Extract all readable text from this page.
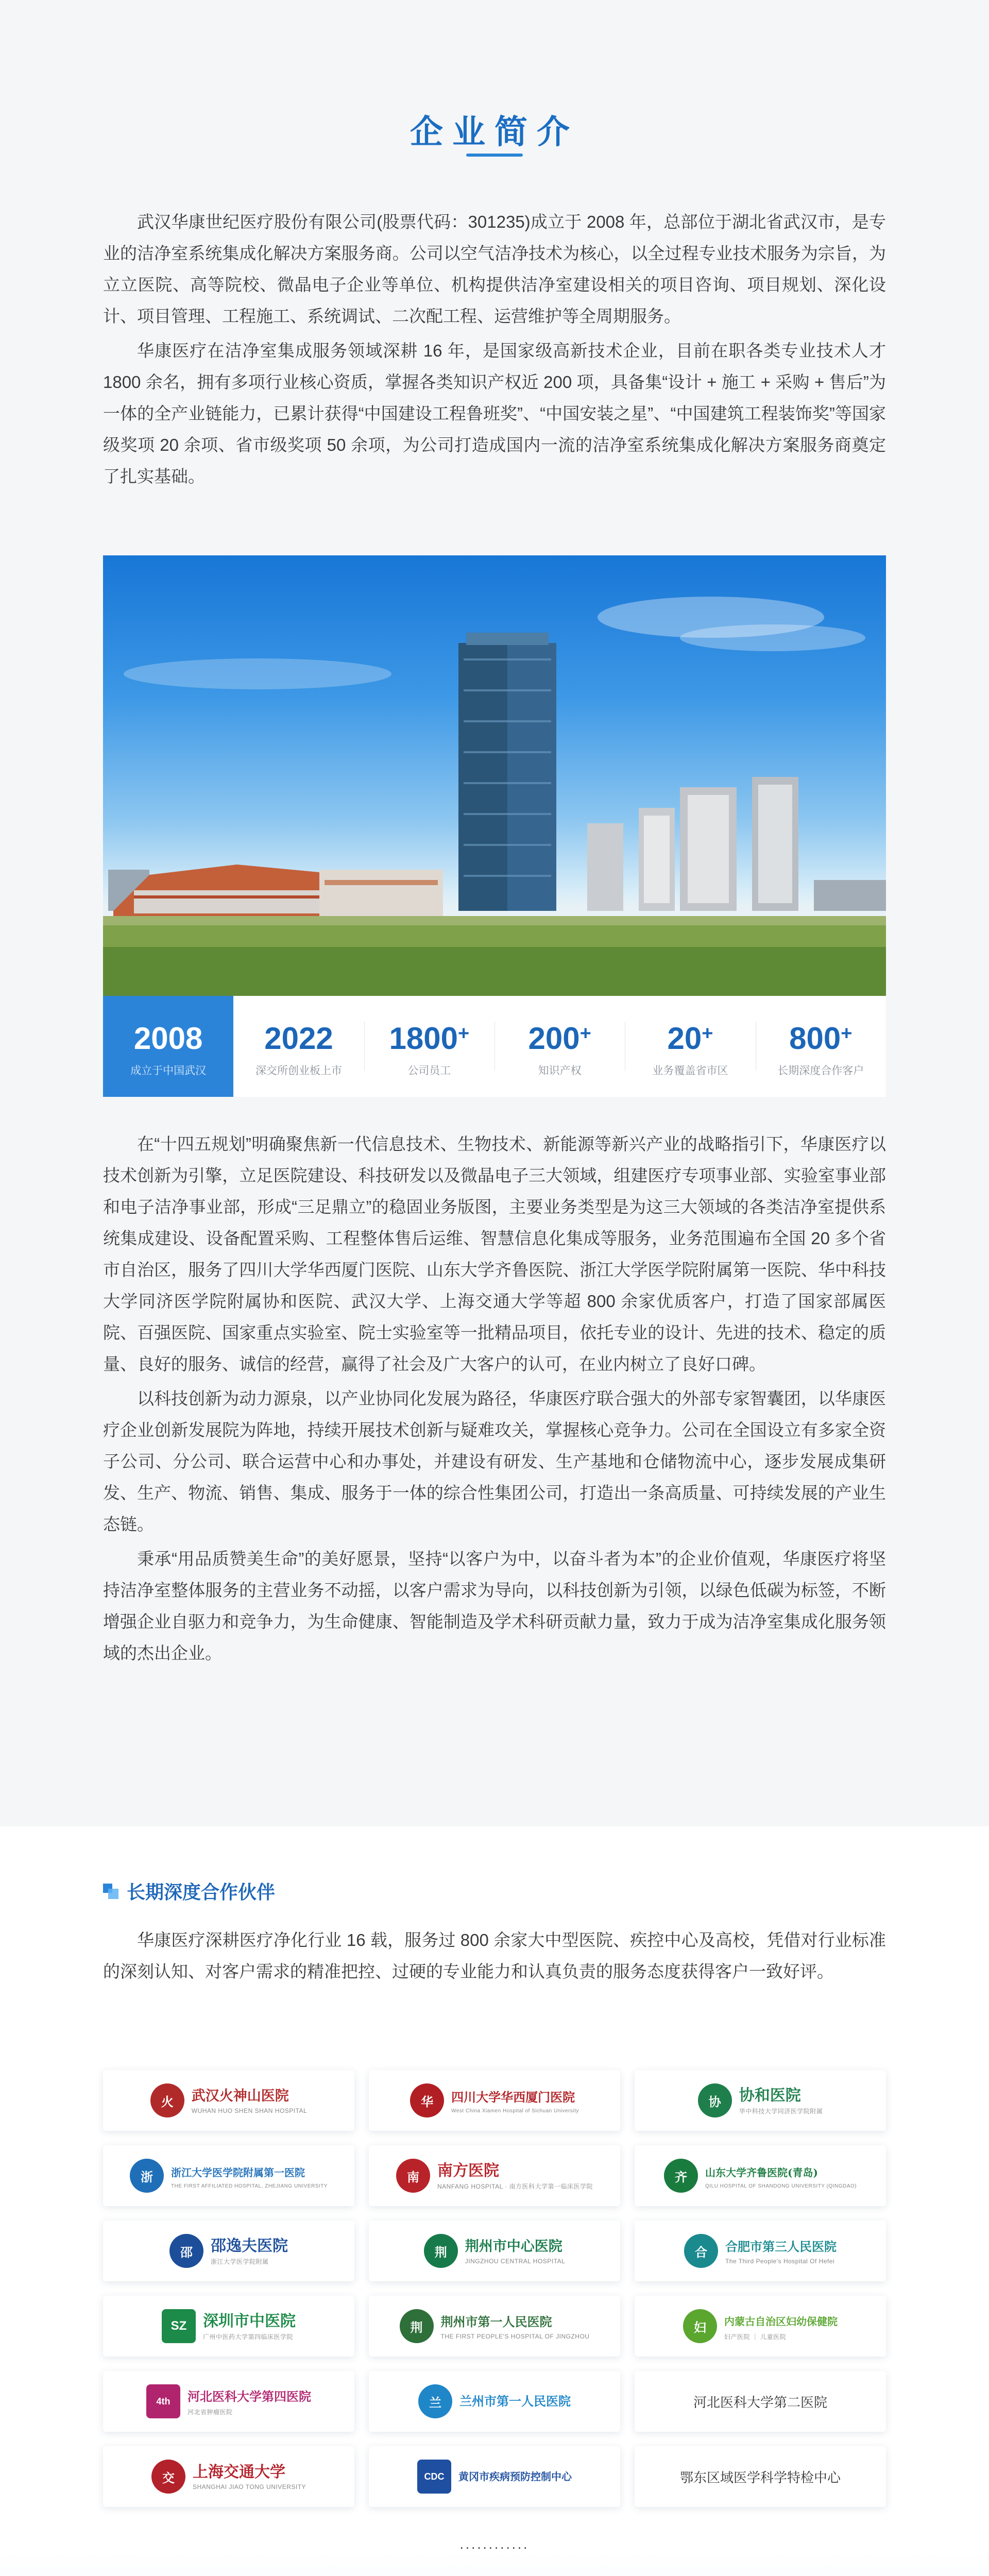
企业简介

武汉华康世纪医疗股份有限公司(股票代码：301235)成立于 2008 年，总部位于湖北省武汉市，是专业的洁净室系统集成化解决方案服务商。公司以空气洁净技术为核心，以全过程专业技术服务为宗旨，为立立医院、高等院校、微晶电子企业等单位、机构提供洁净室建设相关的项目咨询、项目规划、深化设计、项目管理、工程施工、系统调试、二次配工程、运营维护等全周期服务。

华康医疗在洁净室集成服务领域深耕 16 年，是国家级高新技术企业，目前在职各类专业技术人才 1800 余名，拥有多项行业核心资质，掌握各类知识产权近 200 项，具备集“设计 + 施工 + 采购 + 售后”为一体的全产业链能力，已累计获得“中国建设工程鲁班奖”、“中国安装之星”、“中国建筑工程装饰奖”等国家级奖项 20 余项、省市级奖项 50 余项，为公司打造成国内一流的洁净室系统集成化解决方案服务商奠定了扎实基础。

2008
成立于中国武汉
2022
深交所创业板上市
1800+
公司员工
200+
知识产权
20+
业务覆盖省市区
800+
长期深度合作客户

在“十四五规划”明确聚焦新一代信息技术、生物技术、新能源等新兴产业的战略指引下，华康医疗以技术创新为引擎，立足医院建设、科技研发以及微晶电子三大领域，组建医疗专项事业部、实验室事业部和电子洁净事业部，形成“三足鼎立”的稳固业务版图，主要业务类型是为这三大领域的各类洁净室提供系统集成建设、设备配置采购、工程整体售后运维、智慧信息化集成等服务，业务范围遍布全国 20 多个省市自治区，服务了四川大学华西厦门医院、山东大学齐鲁医院、浙江大学医学院附属第一医院、华中科技大学同济医学院附属协和医院、武汉大学、上海交通大学等超 800 余家优质客户，打造了国家部属医院、百强医院、国家重点实验室、院士实验室等一批精品项目，依托专业的设计、先进的技术、稳定的质量、良好的服务、诚信的经营，赢得了社会及广大客户的认可，在业内树立了良好口碑。

以科技创新为动力源泉，以产业协同化发展为路径，华康医疗联合强大的外部专家智囊团，以华康医疗企业创新发展院为阵地，持续开展技术创新与疑难攻关，掌握核心竞争力。公司在全国设立有多家全资子公司、分公司、联合运营中心和办事处，并建设有研发、生产基地和仓储物流中心，逐步发展成集研发、生产、物流、销售、集成、服务于一体的综合性集团公司，打造出一条高质量、可持续发展的产业生态链。

秉承“用品质赞美生命”的美好愿景，坚持“以客户为中，以奋斗者为本”的企业价值观，华康医疗将坚持洁净室整体服务的主营业务不动摇，以客户需求为导向，以科技创新为引领，以绿色低碳为标签，不断增强企业自驱力和竞争力，为生命健康、智能制造及学术科研贡献力量，致力于成为洁净室集成化服务领域的杰出企业。

长期深度合作伙伴

华康医疗深耕医疗净化行业 16 载，服务过 800 余家大中型医院、疾控中心及高校，凭借对行业标准的深刻认知、对客户需求的精准把控、过硬的专业能力和认真负责的服务态度获得客户一致好评。

火	武汉火神山医院
WUHAN HUO SHEN SHAN HOSPITAL
华	四川大学华西厦门医院
West China Xiamen Hospital of Sichuan University
协	协和医院
华中科技大学同济医学院附属
浙	浙江大学医学院附属第一医院
THE FIRST AFFILIATED HOSPITAL, ZHEJIANG UNIVERSITY
南	南方医院
NANFANG HOSPITAL · 南方医科大学第一临床医学院
齐	山东大学齐鲁医院(青岛)
QILU HOSPITAL OF SHANDONG UNIVERSITY (QINGDAO)
邵	邵逸夫医院
浙江大学医学院附属
荆	荆州市中心医院
JINGZHOU CENTRAL HOSPITAL
合	合肥市第三人民医院
The Third People's Hospital Of Hefei
SZ	深圳市中医院
广州中医药大学第四临床医学院
荆	荆州市第一人民医院
THE FIRST PEOPLE'S HOSPITAL OF JINGZHOU
妇	内蒙古自治区妇幼保健院
妇产医院 ｜ 儿童医院
4th	河北医科大学第四医院
河北省肿瘤医院
兰	兰州市第一人民医院	河北医科大学第二医院
交	上海交通大学
SHANGHAI JIAO TONG UNIVERSITY
CDC	黄冈市疾病预防控制中心	鄂东区域医学科学特检中心
............
